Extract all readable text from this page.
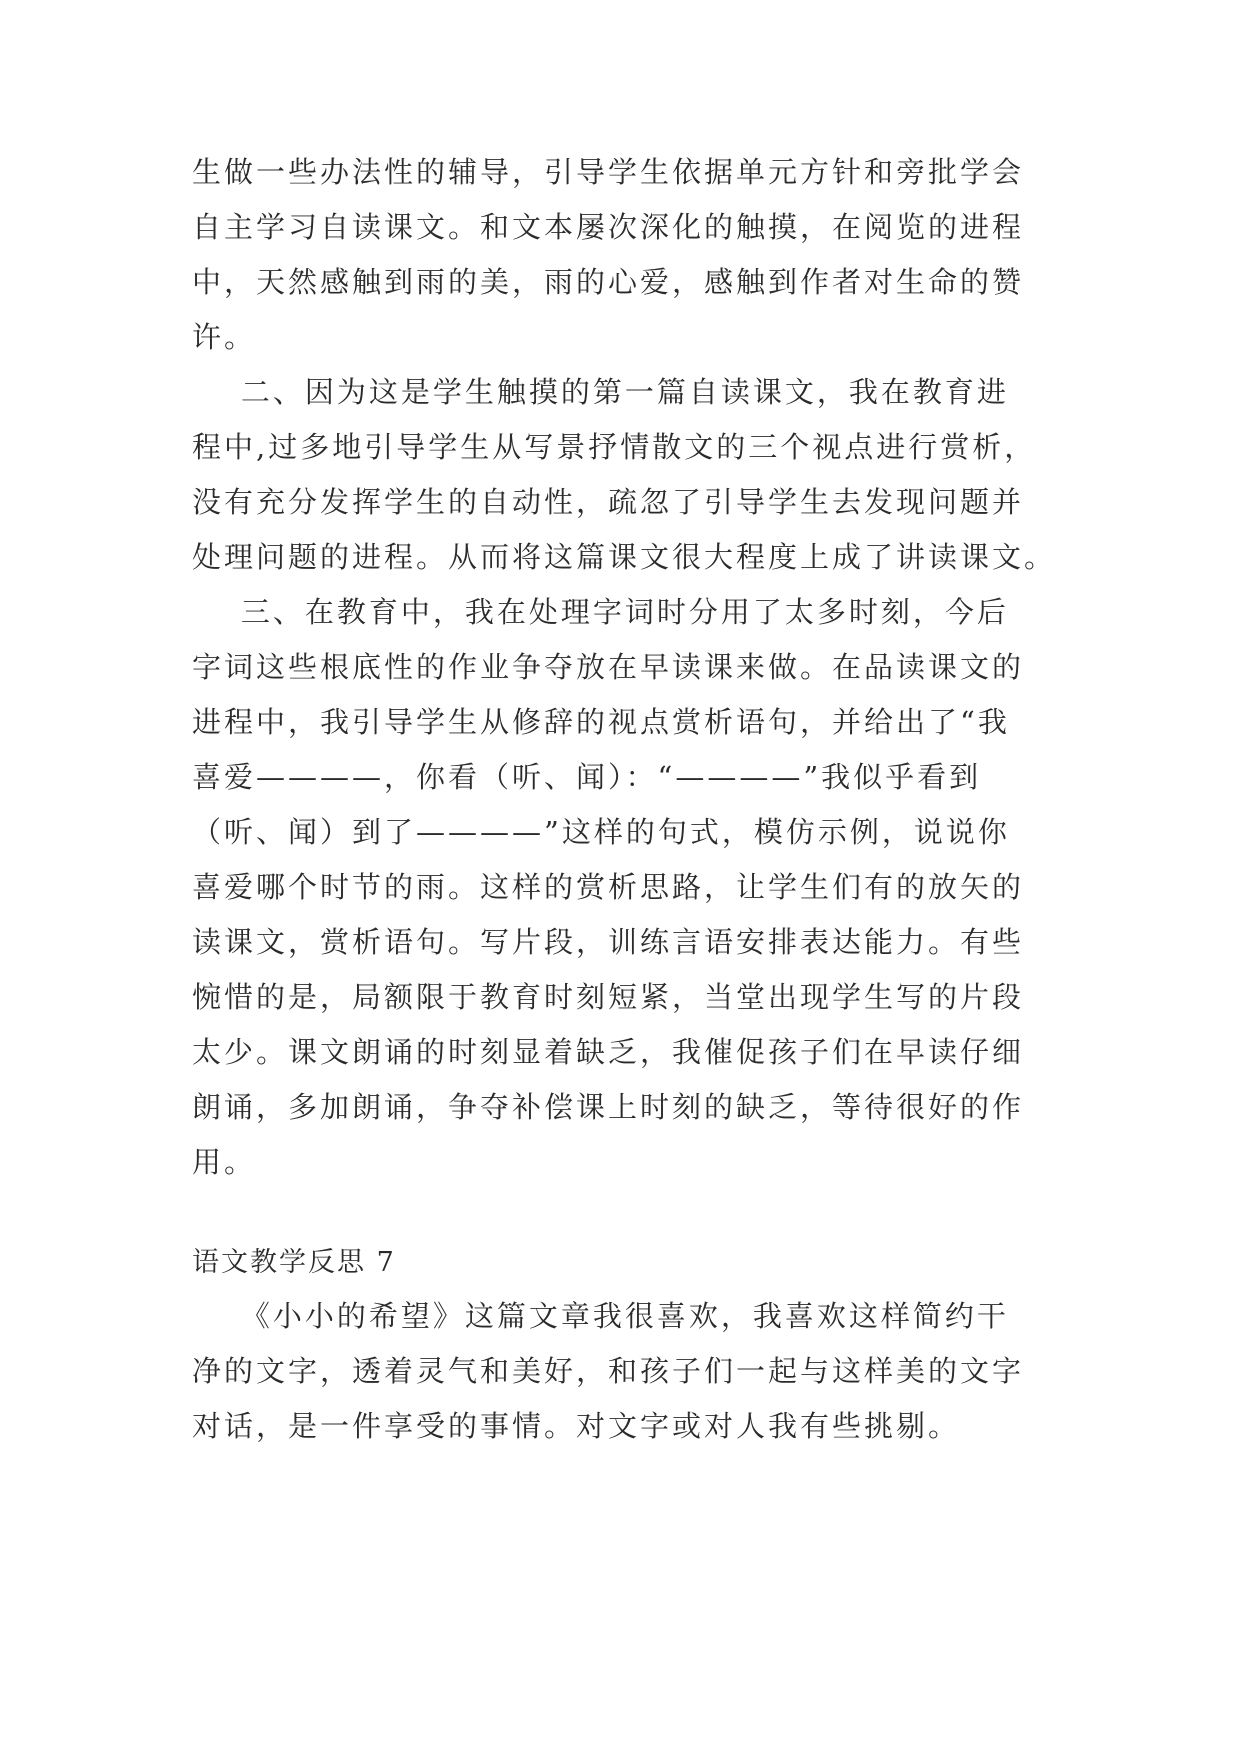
生做一些办法性的辅导，引导学生依据单元方针和旁批学会
自主学习自读课文。和文本屡次深化的触摸，在阅览的进程
中，天然感触到雨的美，雨的心爱，感触到作者对生命的赞
许。
二、因为这是学生触摸的第一篇自读课文，我在教育进
程中,过多地引导学生从写景抒情散文的三个视点进行赏析，
没有充分发挥学生的自动性，疏忽了引导学生去发现问题并
处理问题的进程。从而将这篇课文很大程度上成了讲读课文。
三、在教育中，我在处理字词时分用了太多时刻，今后
字词这些根底性的作业争夺放在早读课来做。在品读课文的
进程中，我引导学生从修辞的视点赏析语句，并给出了“我
喜爱————，你看（听、闻）：“————”我似乎看到
（听、闻）到了————”这样的句式，模仿示例，说说你
喜爱哪个时节的雨。这样的赏析思路，让学生们有的放矢的
读课文，赏析语句。写片段，训练言语安排表达能力。有些
惋惜的是，局额限于教育时刻短紧，当堂出现学生写的片段
太少。课文朗诵的时刻显着缺乏，我催促孩子们在早读仔细
朗诵，多加朗诵，争夺补偿课上时刻的缺乏，等待很好的作
用。
语文教学反思 7
《小小的希望》这篇文章我很喜欢，我喜欢这样简约干
净的文字，透着灵气和美好，和孩子们一起与这样美的文字
对话，是一件享受的事情。对文字或对人我有些挑剔。
